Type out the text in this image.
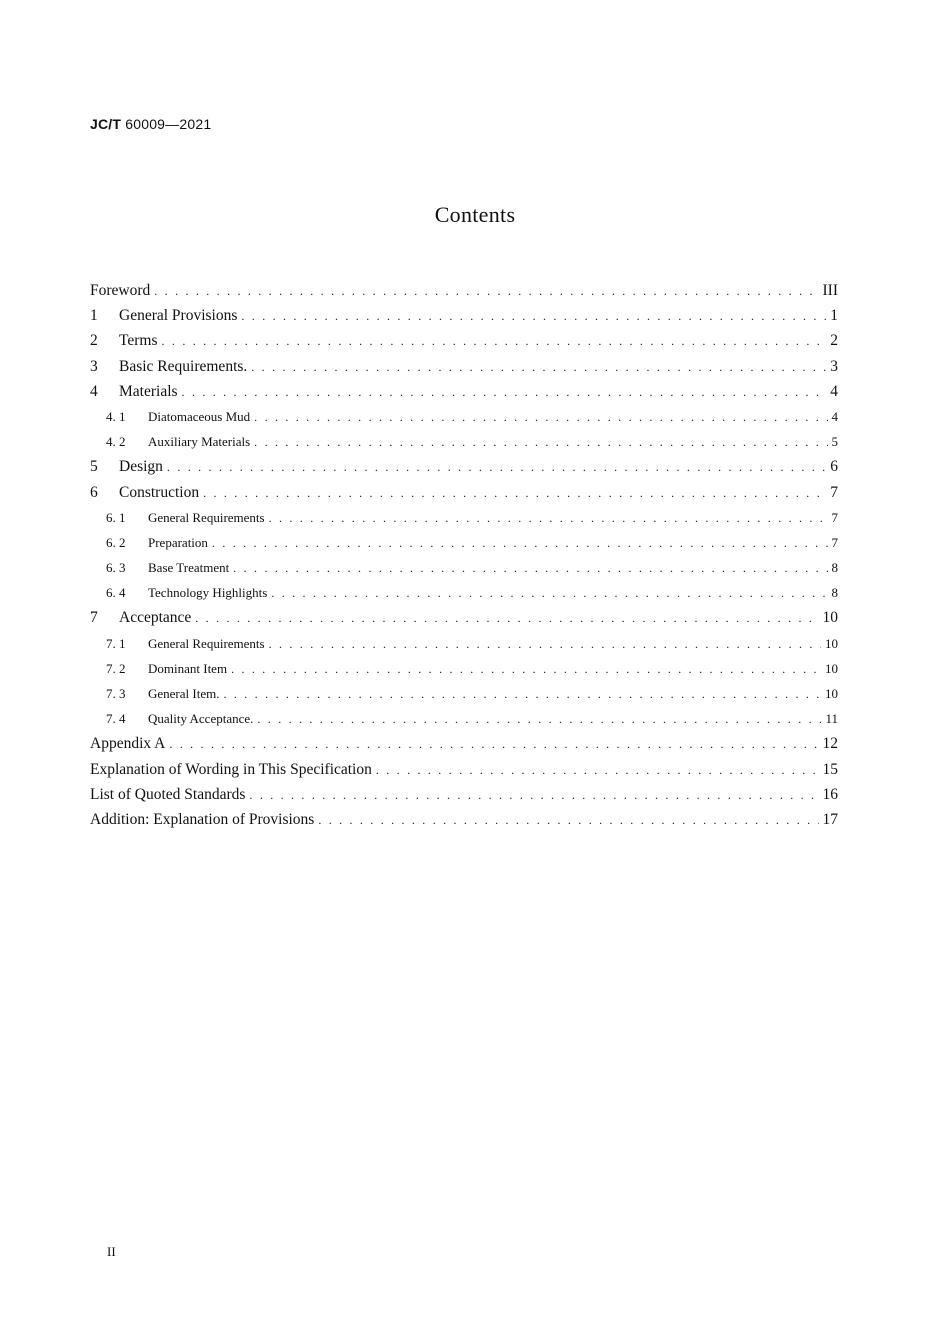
JC/T 60009—2021
Contents
Foreword . . .	III
1	General Provisions . . .	1
2	Terms . . .	2
3	Basic Requirements. . . .	3
4	Materials . . .	4
4. 1	Diatomaceous Mud . . .	4
4. 2	Auxiliary Materials . . .	5
5	Design . . .	6
6	Construction . . .	7
6. 1	General Requirements . . .	7
6. 2	Preparation . . .	7
6. 3	Base Treatment . . .	8
6. 4	Technology Highlights . . .	8
7	Acceptance . . .	10
7. 1	General Requirements . . .	10
7. 2	Dominant Item . . .	10
7. 3	General Item. . . .	10
7. 4	Quality Acceptance. . . .	11
Appendix A . . .	12
Explanation of Wording in This Specification . . .	15
List of Quoted Standards . . .	16
Addition: Explanation of Provisions . . .	17
II
